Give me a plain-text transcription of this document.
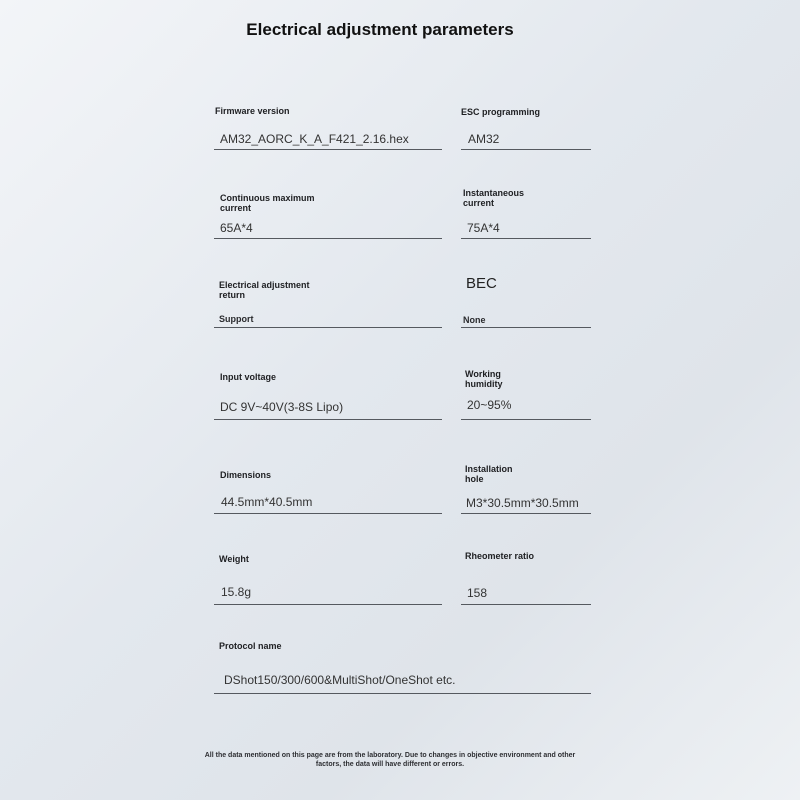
Electrical adjustment parameters
Firmware version
AM32_AORC_K_A_F421_2.16.hex
ESC programming
AM32
Continuous maximum
current
65A*4
Instantaneous
current
75A*4
Electrical adjustment
return
Support
BEC
None
Input voltage
DC 9V~40V(3-8S Lipo)
Working
humidity
20~95%
Dimensions
44.5mm*40.5mm
Installation
hole
M3*30.5mm*30.5mm
Weight
15.8g
Rheometer ratio
158
Protocol name
DShot150/300/600&MultiShot/OneShot etc.
All the data mentioned on this page are from the laboratory. Due to changes in objective environment and other factors, the data will have different or errors.
